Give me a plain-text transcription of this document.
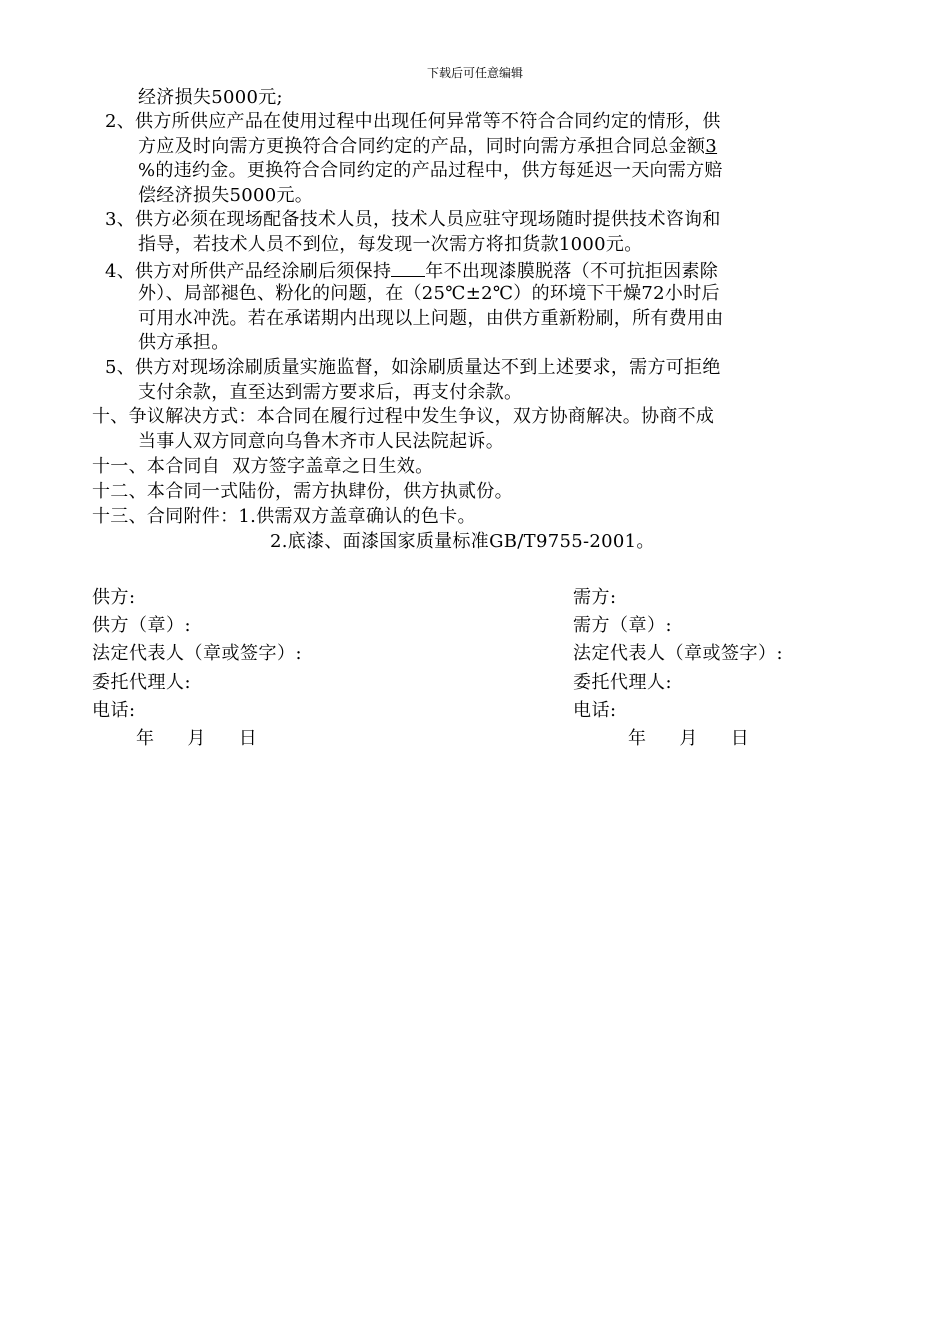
下载后可任意编辑
经济损失5000元;
2、供方所供应产品在使用过程中出现任何异常等不符合合同约定的情形，供
方应及时向需方更换符合合同约定的产品，同时向需方承担合同总金额3
%的违约金。更换符合合同约定的产品过程中，供方每延迟一天向需方赔
偿经济损失5000元。
3、供方必须在现场配备技术人员，技术人员应驻守现场随时提供技术咨询和
指导，若技术人员不到位，每发现一次需方将扣货款1000元。
4、供方对所供产品经涂刷后须保持 年不出现漆膜脱落（不可抗拒因素除
外）、局部褪色、粉化的问题，在（25℃±2℃）的环境下干燥72小时后
可用水冲洗。若在承诺期内出现以上问题，由供方重新粉刷，所有费用由
供方承担。
5、供方对现场涂刷质量实施监督，如涂刷质量达不到上述要求，需方可拒绝
支付余款，直至达到需方要求后，再支付余款。
十、争议解决方式：本合同在履行过程中发生争议，双方协商解决。协商不成
当事人双方同意向乌鲁木齐市人民法院起诉。
十一、本合同自  双方签字盖章之日生效。
十二、本合同一式陆份，需方执肆份，供方执贰份。
十三、合同附件：1.供需双方盖章确认的色卡。
2.底漆、面漆国家质量标准GB/T9755-2001。
供方:
供方（章）:
法定代表人（章或签字）:
委托代理人:
电话:
年    月    日
需方:
需方（章）:
法定代表人（章或签字）:
委托代理人:
电话:
年    月    日
